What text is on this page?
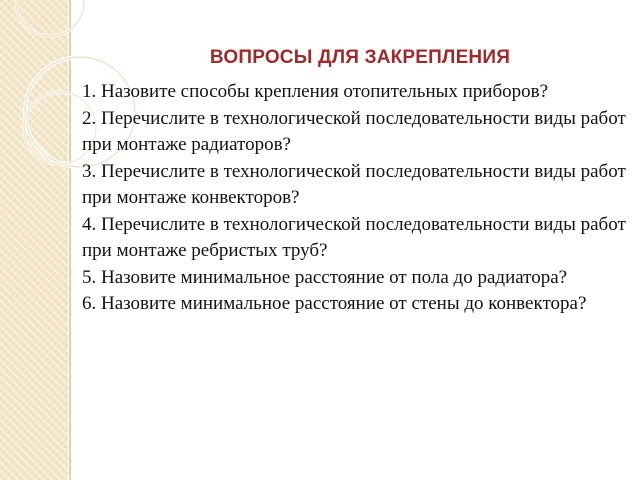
ВОПРОСЫ ДЛЯ ЗАКРЕПЛЕНИЯ
1. Назовите способы крепления отопительных приборов?
2. Перечислите в технологической последовательности виды работ при монтаже радиаторов?
3. Перечислите в технологической последовательности виды работ при монтаже конвекторов?
4. Перечислите в технологической последовательности виды работ при монтаже ребристых труб?
5. Назовите минимальное расстояние от пола до радиатора?
6. Назовите минимальное расстояние от стены до конвектора?
